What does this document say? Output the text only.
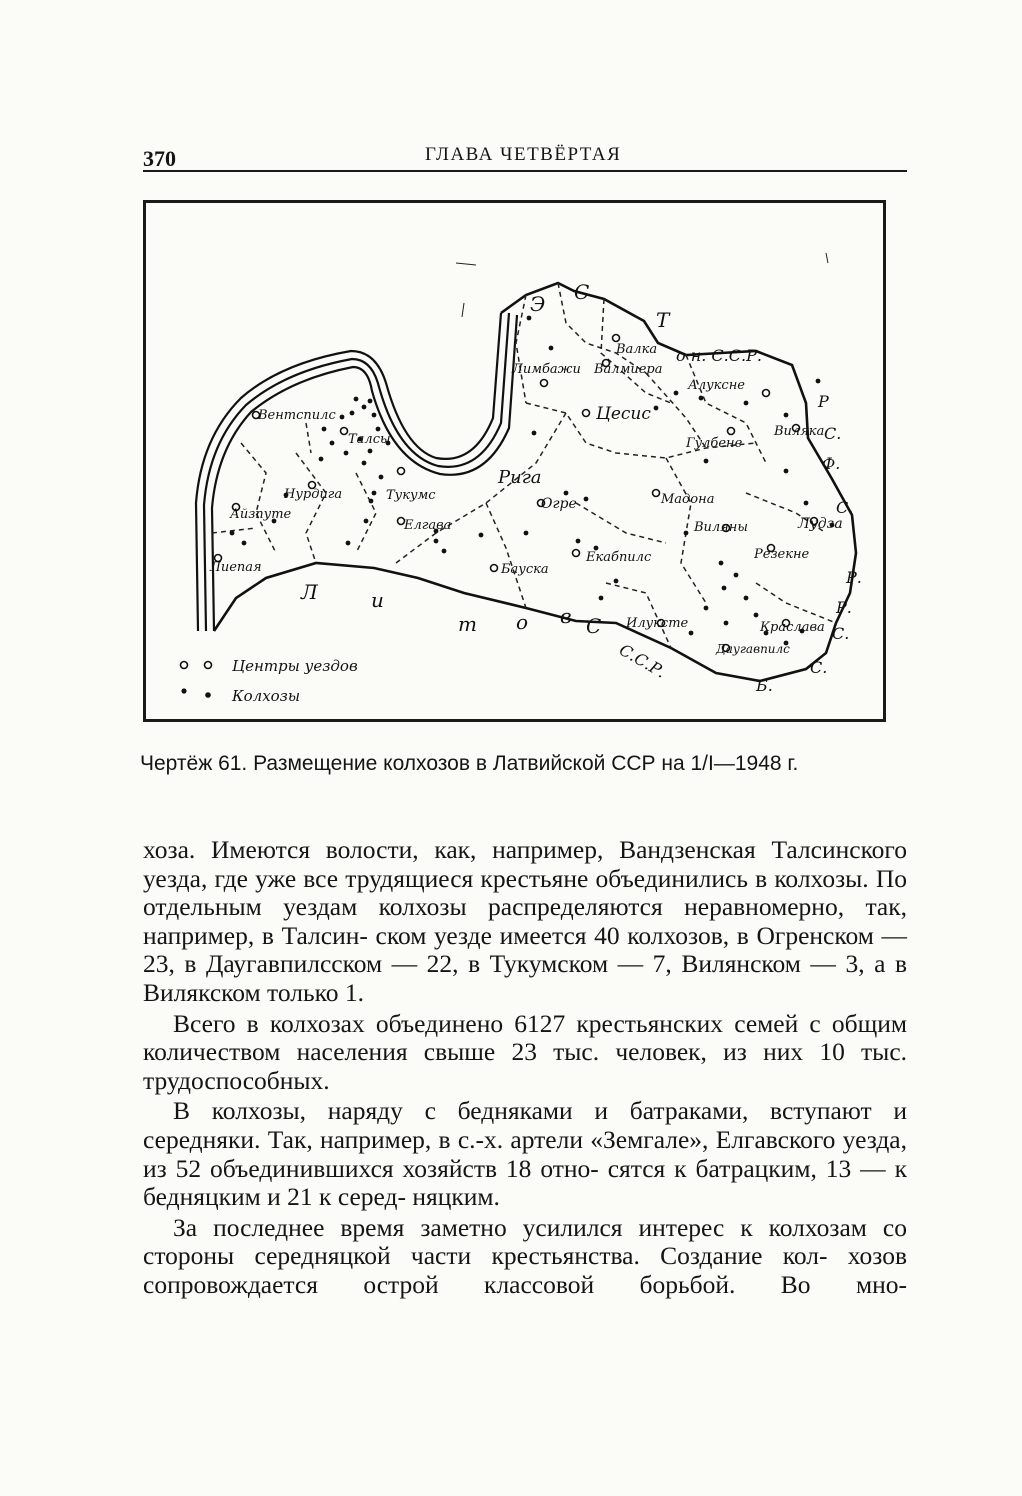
370	ГЛАВА ЧЕТВЁРТАЯ
Вентспилс
Талсы
Лимбажи
Валка
Валмиера
Цесис
Алуксне
Гулбене
Виляка
Рига
Тукумс
Нурдига
Айзпуте
Елгава
Огре	Мадона
Виляны	Лудза
Резекне
Лиепая	Бауска
Екабпилс
Илуксте	Краслава
Даугавпилс
Э С
Т
о н. С.С.Р.
Л	и
т о в С
С.С.Р.
Р
С.
Ф.
С.
Р.
Б.
С.
С.
Р.
Центры уездов
Колхозы
Чертёж 61. Размещение колхозов в Латвийской ССР на 1/I—1948 г.

хоза. Имеются волости, как, например, Вандзенская Талсинского уезда, где уже все трудящиеся крестьяне объединились в колхозы. По отдельным уездам колхозы распределяются неравномерно, так, например, в Талсин- ском уезде имеется 40 колхозов, в Огренском — 23, в Даугавпилсском — 22, в Тукумском — 7, Вилянском — 3, а в Вилякском только 1.

Всего в колхозах объединено 6127 крестьянских семей с общим количеством населения свыше 23 тыс. человек, из них 10 тыс. трудоспособных.

В колхозы, наряду с бедняками и батраками, вступают и середняки. Так, например, в с.-х. артели «Земгале», Елгавского уезда, из 52 объединившихся хозяйств 18 отно- сятся к батрацким, 13 — к бедняцким и 21 к серед- няцким.

За последнее время заметно усилился интерес к колхозам со стороны середняцкой части крестьянства. Создание кол- хозов сопровождается острой классовой борьбой. Во мно-
